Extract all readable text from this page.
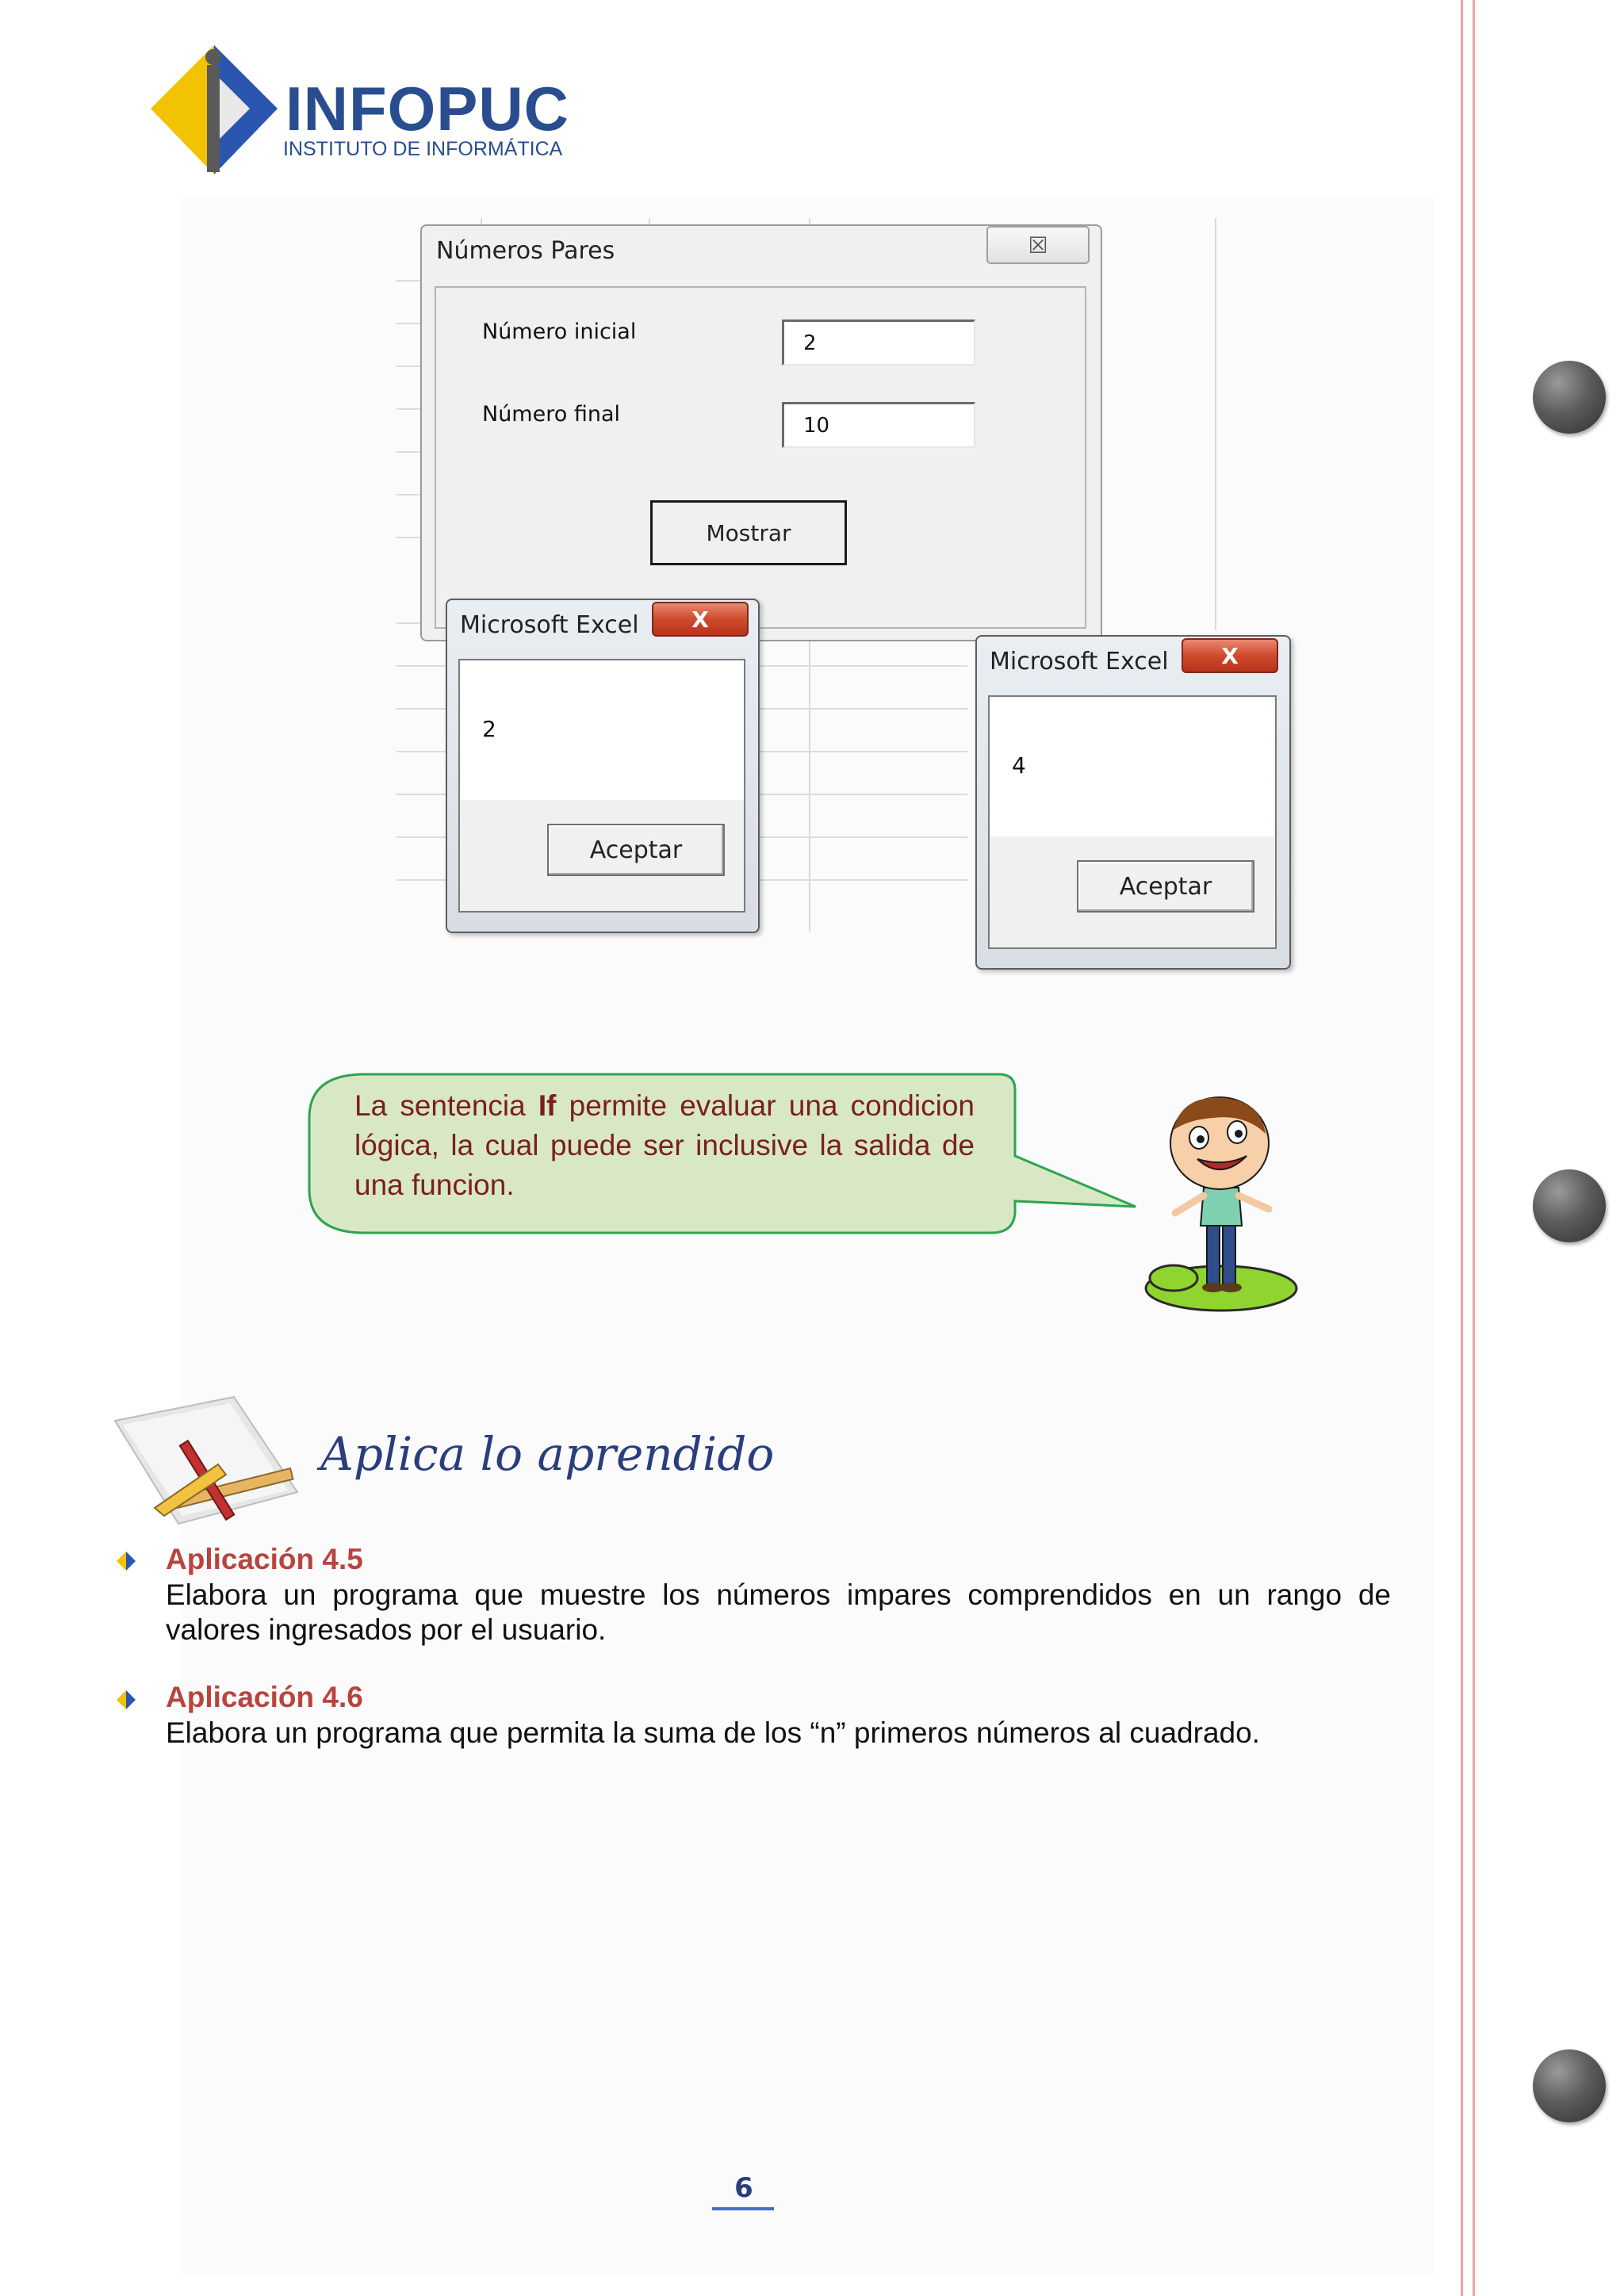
INFOPUC
INSTITUTO DE INFORMÁTICA
Números Pares	☒
Número inicial	2
Número final	10
Mostrar
Microsoft Excel X
2
Aceptar
Microsoft Excel X
4
Aceptar
La sentencia If permite evaluar una condicion lógica, la cual puede ser inclusive la salida de una funcion.
Aplica lo aprendido
Aplicación 4.5
Elabora un programa que muestre los números impares comprendidos en un rango de valores ingresados por el usuario.
Aplicación 4.6
Elabora un programa que permita la suma de los “n” primeros números al cuadrado.
6
